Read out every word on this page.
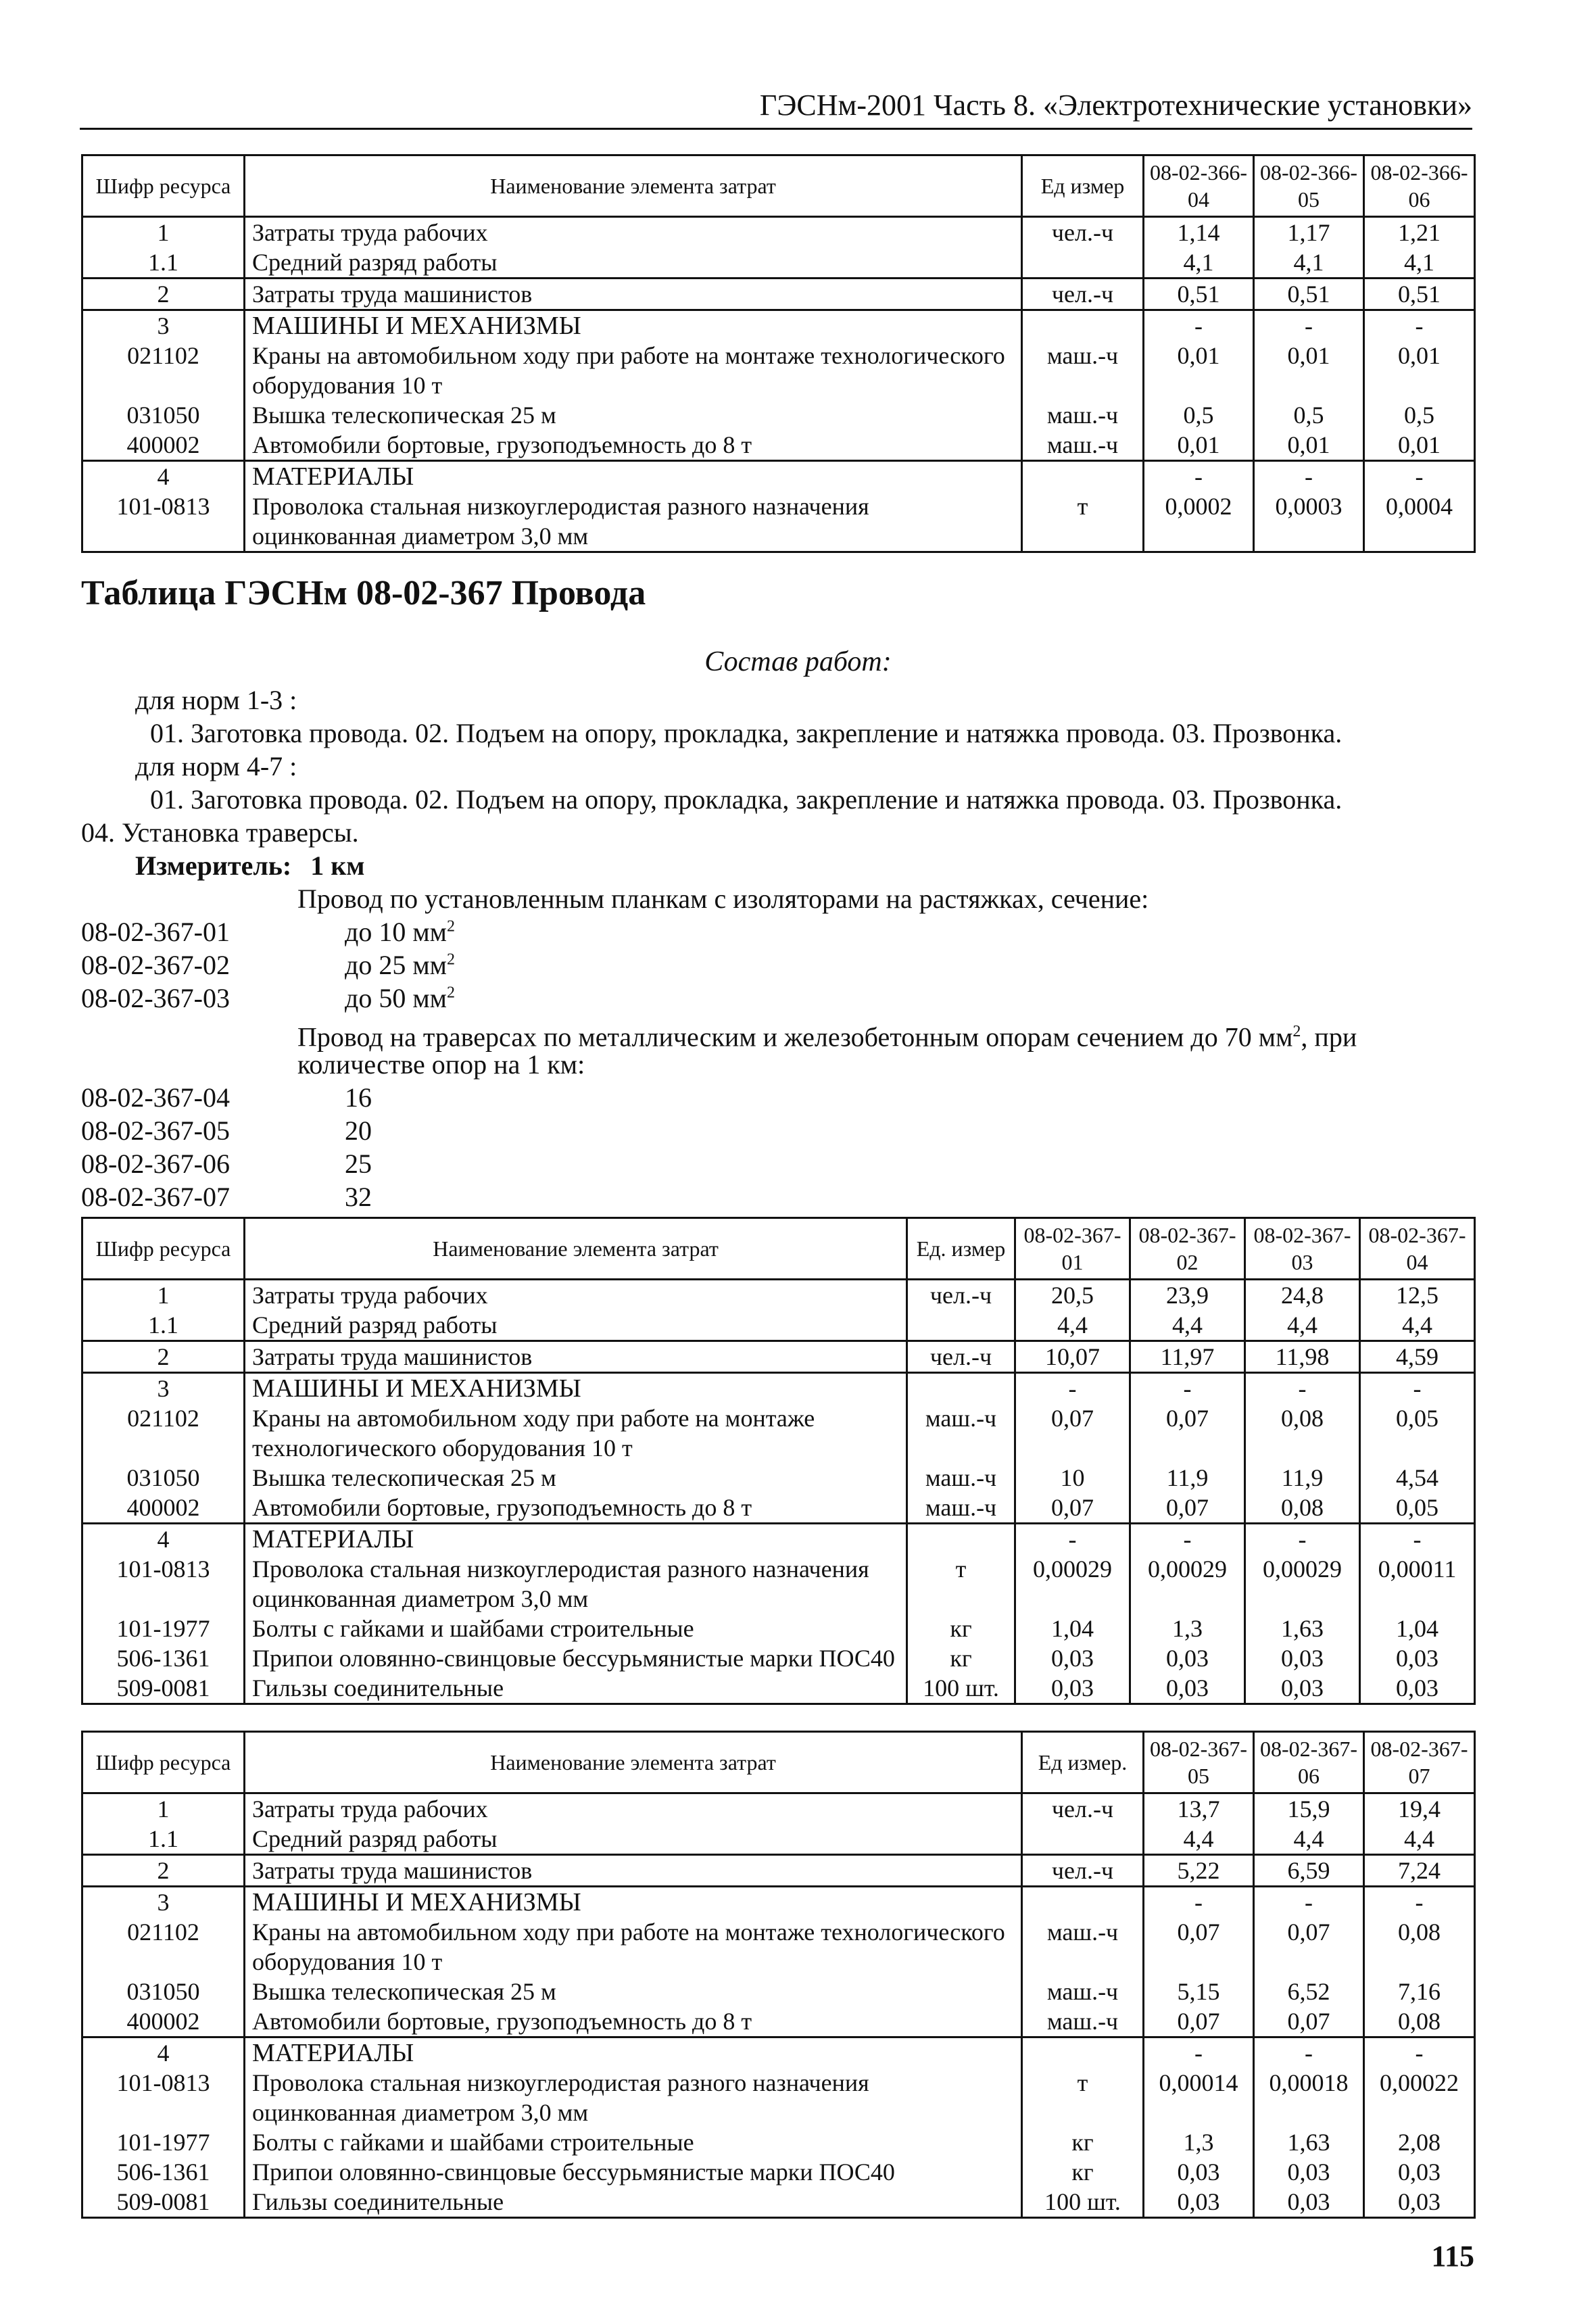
ГЭСНм-2001 Часть 8. «Электротехнические установки»
Шифр ресурса	Наименование элемента затрат	Ед измер	08-02-366-04	08-02-366-05	08-02-366-06
1	Затраты труда рабочих	чел.-ч	1,14	1,17	1,21
1.1	Средний разряд работы		4,1	4,1	4,1
2	Затраты труда машинистов	чел.-ч	0,51	0,51	0,51
3	МАШИНЫ И МЕХАНИЗМЫ		-	-	-
021102	Краны на автомобильном ходу при работе на монтаже технологического оборудования 10 т	маш.-ч	0,01	0,01	0,01
031050	Вышка телескопическая 25 м	маш.-ч	0,5	0,5	0,5
400002	Автомобили бортовые, грузоподъемность до 8 т	маш.-ч	0,01	0,01	0,01
4	МАТЕРИАЛЫ		-	-	-
101-0813	Проволока стальная низкоуглеродистая разного назначения оцинкованная диаметром 3,0 мм	т	0,0002	0,0003	0,0004
Таблица ГЭСНм 08-02-367 Провода
Состав работ:
для норм 1-3 :
01. Заготовка провода. 02. Подъем на опору, прокладка, закрепление и натяжка провода. 03. Прозвонка.
для норм 4-7 :
01. Заготовка провода. 02. Подъем на опору, прокладка, закрепление и натяжка провода. 03. Прозвонка.
04. Установка траверсы.
Измеритель: 1 км
Провод по установленным планкам с изоляторами на растяжках, сечение:
08-02-367-01	до 10 $мм^2$
08-02-367-02	до 25 $мм^2$
08-02-367-03	до 50 $мм^2$
Провод на траверсах по металлическим и железобетонным опорам сечением до 70 $мм^2$, при
количестве опор на 1 км:
08-02-367-04	16
08-02-367-05	20
08-02-367-06	25
08-02-367-07	32
Шифр ресурса	Наименование элемента затрат	Ед. измер	08-02-367-01	08-02-367-02	08-02-367-03	08-02-367-04
1	Затраты труда рабочих	чел.-ч	20,5	23,9	24,8	12,5
1.1	Средний разряд работы		4,4	4,4	4,4	4,4
2	Затраты труда машинистов	чел.-ч	10,07	11,97	11,98	4,59
3	МАШИНЫ И МЕХАНИЗМЫ		-	-	-	-
021102	Краны на автомобильном ходу при работе на монтаже технологического оборудования 10 т	маш.-ч	0,07	0,07	0,08	0,05
031050	Вышка телескопическая 25 м	маш.-ч	10	11,9	11,9	4,54
400002	Автомобили бортовые, грузоподъемность до 8 т	маш.-ч	0,07	0,07	0,08	0,05
4	МАТЕРИАЛЫ		-	-	-	-
101-0813	Проволока стальная низкоуглеродистая разного назначения оцинкованная диаметром 3,0 мм	т	0,00029	0,00029	0,00029	0,00011
101-1977	Болты с гайками и шайбами строительные	кг	1,04	1,3	1,63	1,04
506-1361	Припои оловянно-свинцовые бессурьмянистые марки ПОС40	кг	0,03	0,03	0,03	0,03
509-0081	Гильзы соединительные	100 шт.	0,03	0,03	0,03	0,03
Шифр ресурса	Наименование элемента затрат	Ед измер.	08-02-367-05	08-02-367-06	08-02-367-07
1	Затраты труда рабочих	чел.-ч	13,7	15,9	19,4
1.1	Средний разряд работы		4,4	4,4	4,4
2	Затраты труда машинистов	чел.-ч	5,22	6,59	7,24
3	МАШИНЫ И МЕХАНИЗМЫ		-	-	-
021102	Краны на автомобильном ходу при работе на монтаже технологического оборудования 10 т	маш.-ч	0,07	0,07	0,08
031050	Вышка телескопическая 25 м	маш.-ч	5,15	6,52	7,16
400002	Автомобили бортовые, грузоподъемность до 8 т	маш.-ч	0,07	0,07	0,08
4	МАТЕРИАЛЫ		-	-	-
101-0813	Проволока стальная низкоуглеродистая разного назначения оцинкованная диаметром 3,0 мм	т	0,00014	0,00018	0,00022
101-1977	Болты с гайками и шайбами строительные	кг	1,3	1,63	2,08
506-1361	Припои оловянно-свинцовые бессурьмянистые марки ПОС40	кг	0,03	0,03	0,03
509-0081	Гильзы соединительные	100 шт.	0,03	0,03	0,03
115
